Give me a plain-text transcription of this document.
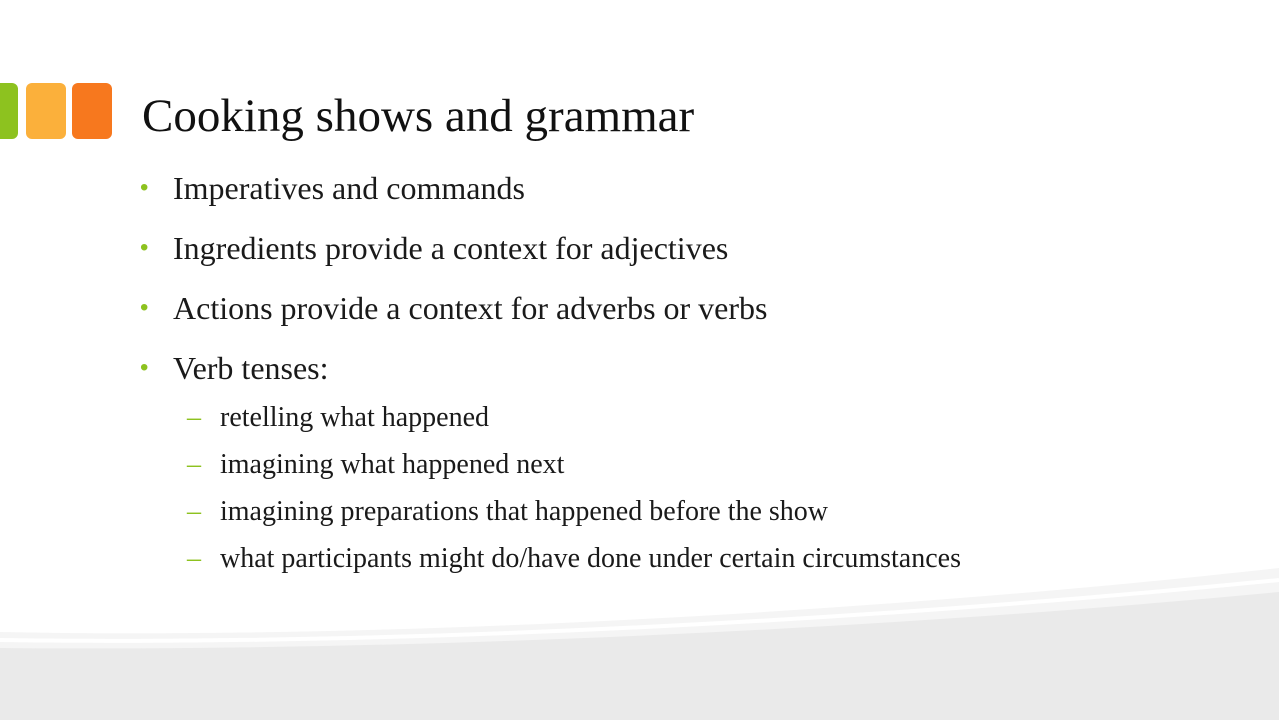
Cooking shows and grammar
• Imperatives and commands
• Ingredients provide a context for adjectives
• Actions provide a context for adverbs or verbs
• Verb tenses:
– retelling what happened
– imagining what happened next
– imagining preparations that happened before the show
– what participants might do/have done under certain circumstances
